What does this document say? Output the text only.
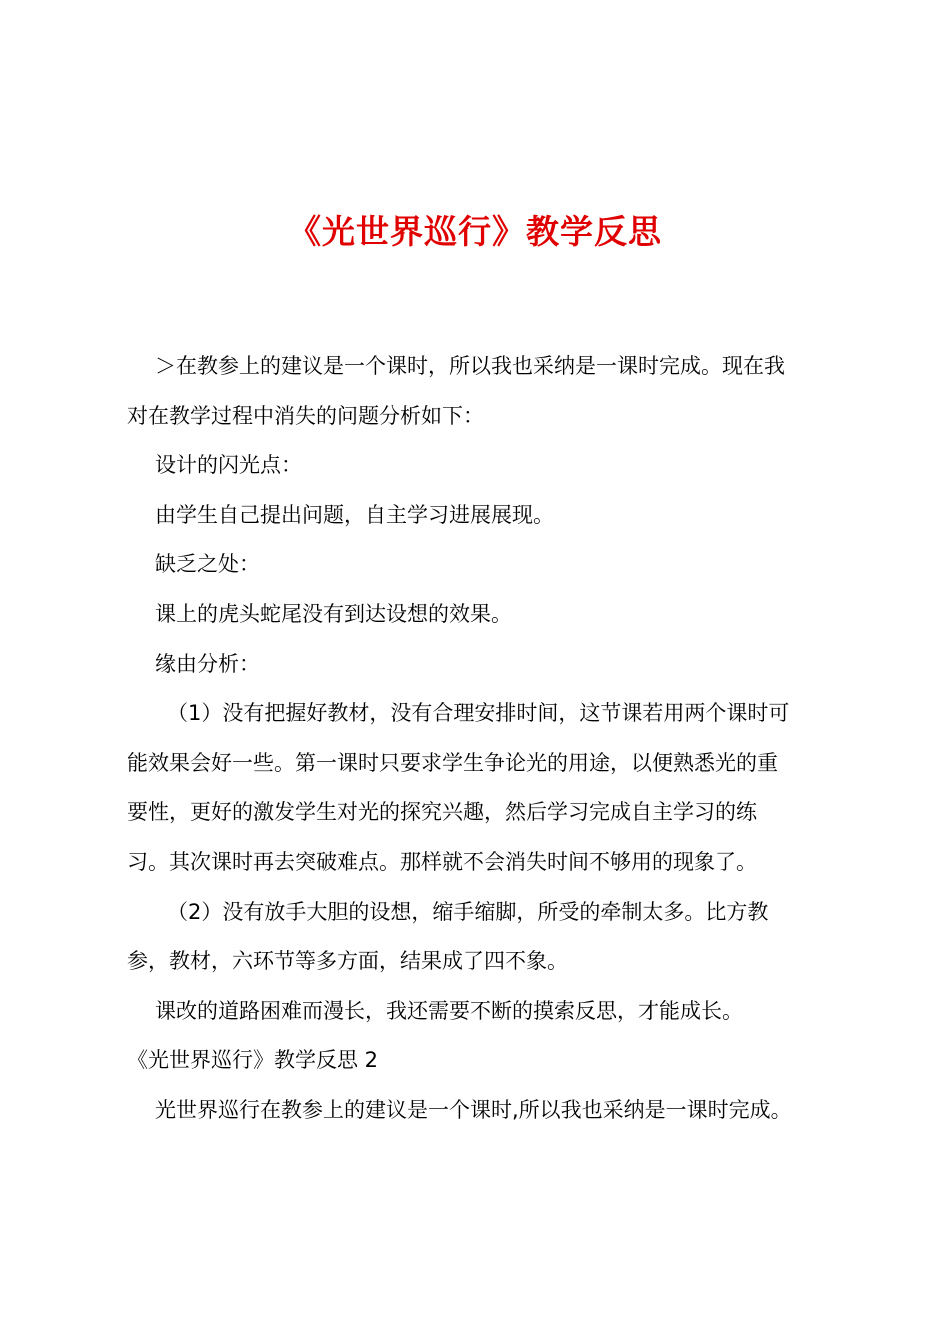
《光世界巡行》教学反思

＞在教参上的建议是一个课时，所以我也采纳是一课时完成。现在我

对在教学过程中消失的问题分析如下：

设计的闪光点：

由学生自己提出问题，自主学习进展展现。

缺乏之处：

课上的虎头蛇尾没有到达设想的效果。

缘由分析：

（1）没有把握好教材，没有合理安排时间，这节课若用两个课时可

能效果会好一些。第一课时只要求学生争论光的用途，以便熟悉光的重

要性，更好的激发学生对光的探究兴趣，然后学习完成自主学习的练

习。其次课时再去突破难点。那样就不会消失时间不够用的现象了。

（2）没有放手大胆的设想，缩手缩脚，所受的牵制太多。比方教

参，教材，六环节等多方面，结果成了四不象。

课改的道路困难而漫长，我还需要不断的摸索反思，才能成长。

《光世界巡行》教学反思 2

光世界巡行在教参上的建议是一个课时,所以我也采纳是一课时完成。
